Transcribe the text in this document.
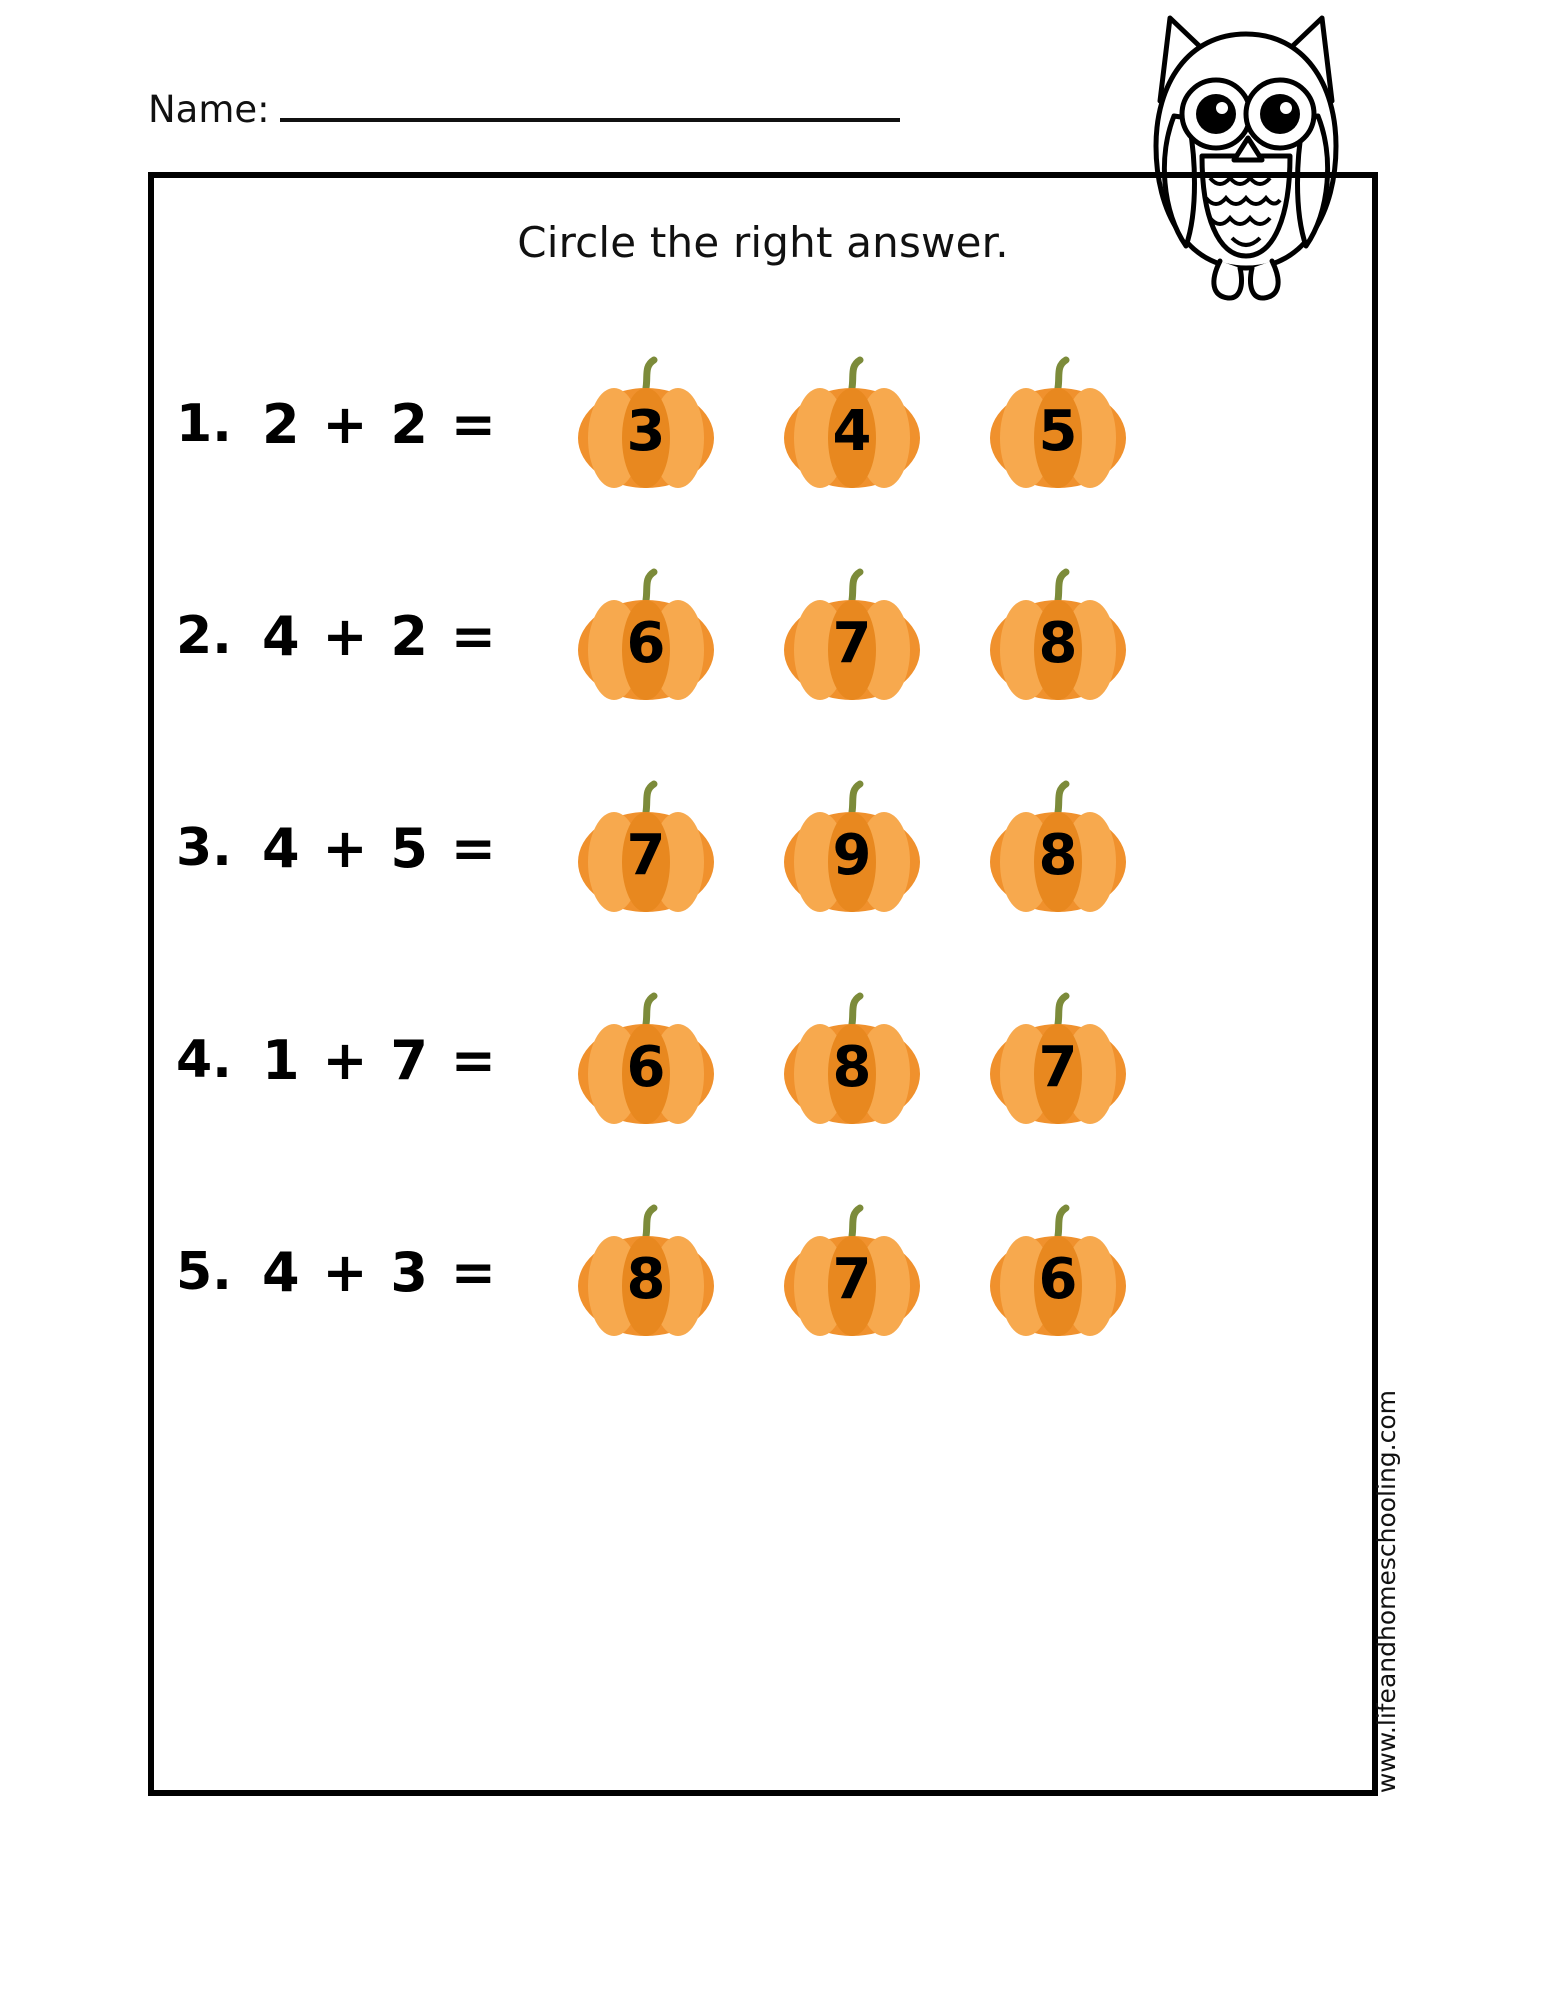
Name:
Circle the right answer.
1. 2 + 2 =	3	4	5
2. 4 + 2 =	6	7	8
3. 4 + 5 =	7	9	8
4. 1 + 7 =	6	8	7
5. 4 + 3 =	8	7	6
www.lifeandhomeschooling.com
